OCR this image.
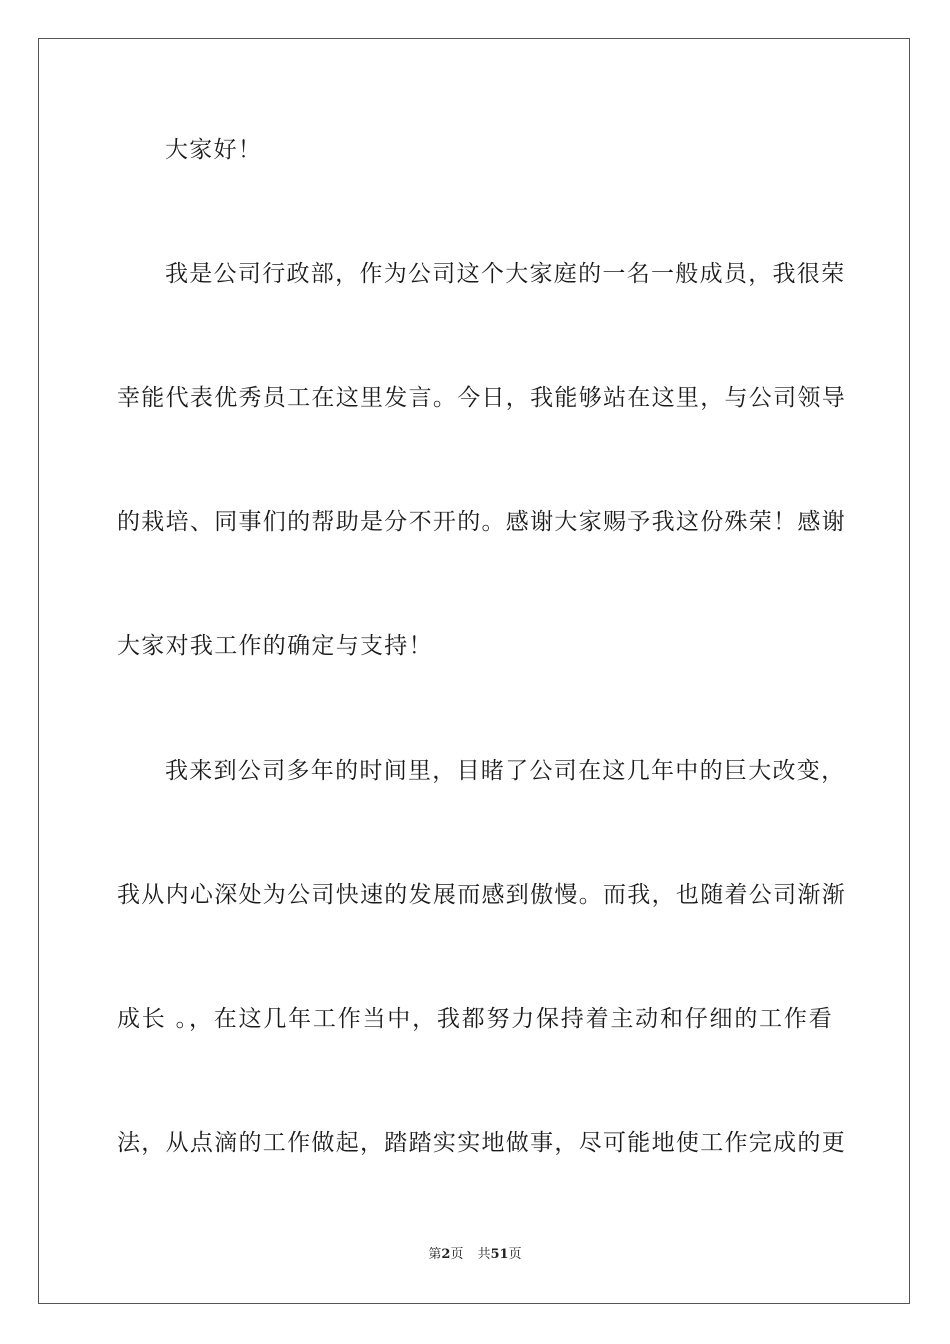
大家好！
我是公司行政部，作为公司这个大家庭的一名一般成员，我很荣
幸能代表优秀员工在这里发言。今日，我能够站在这里，与公司领导
的栽培、同事们的帮助是分不开的。感谢大家赐予我这份殊荣！感谢
大家对我工作的确定与支持！
我来到公司多年的时间里，目睹了公司在这几年中的巨大改变，
我从内心深处为公司快速的发展而感到傲慢。而我，也随着公司渐渐
成长 。，在这几年工作当中，我都努力保持着主动和仔细的工作看
法，从点滴的工作做起，踏踏实实地做事，尽可能地使工作完成的更
第2页 共51页
